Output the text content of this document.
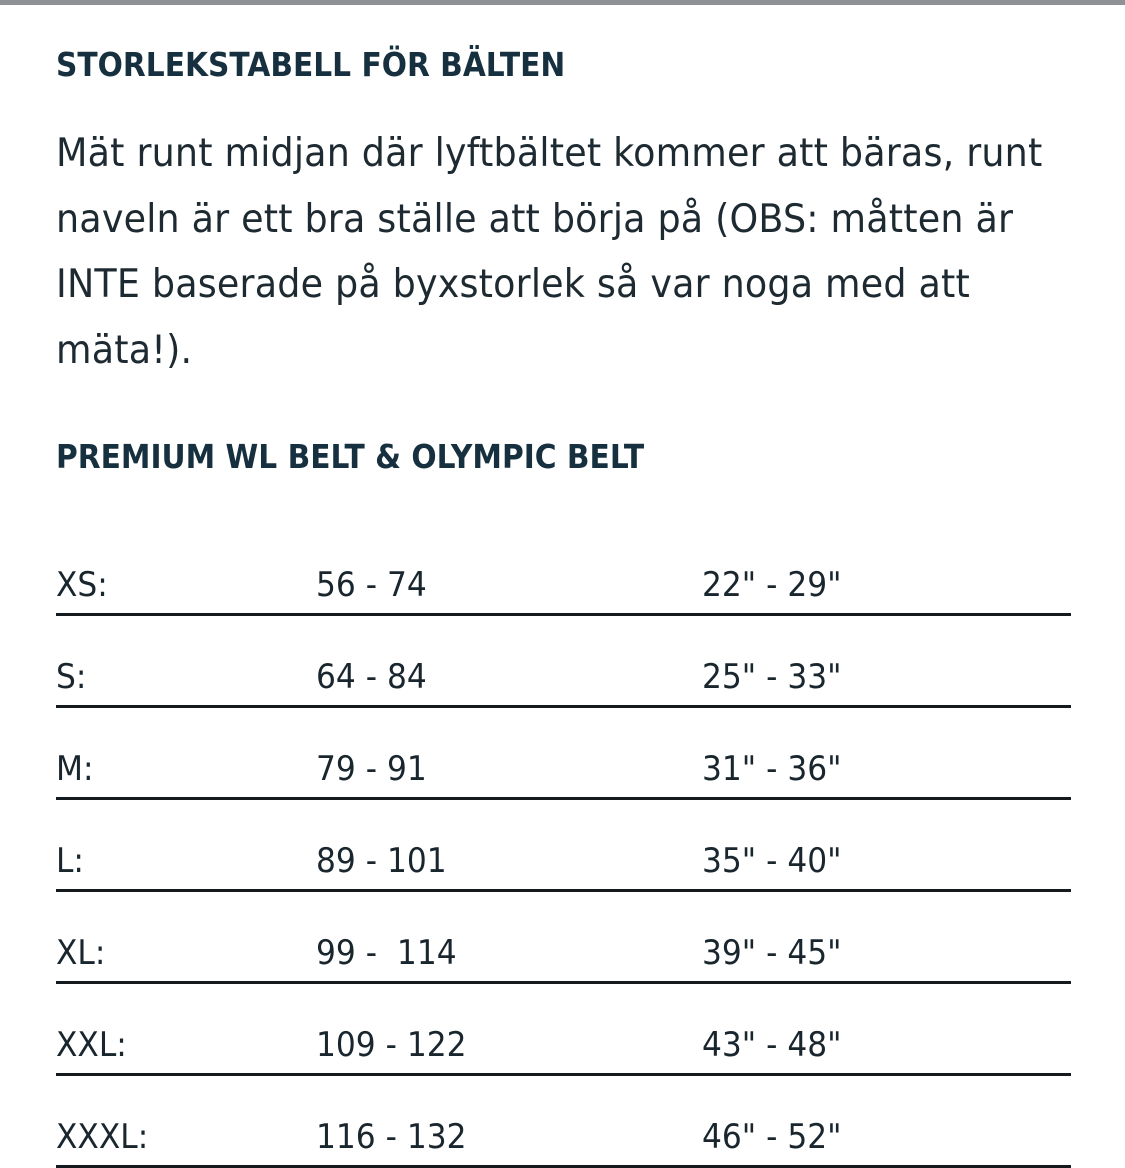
STORLEKSTABELL FÖR BÄLTEN

Mät runt midjan där lyftbältet kommer att bäras, runt naveln är ett bra ställe att börja på (OBS: måtten är INTE baserade på byxstorlek så var noga med att mäta!).

PREMIUM WL BELT & OLYMPIC BELT
XS:	56 - 74	22" - 29"
S:	64 - 84	25" - 33"
M:	79 - 91	31" - 36"
L:	89 - 101	35" - 40"
XL:	99 -  114	39" - 45"
XXL:	109 - 122	43" - 48"
XXXL:	116 - 132	46" - 52"
